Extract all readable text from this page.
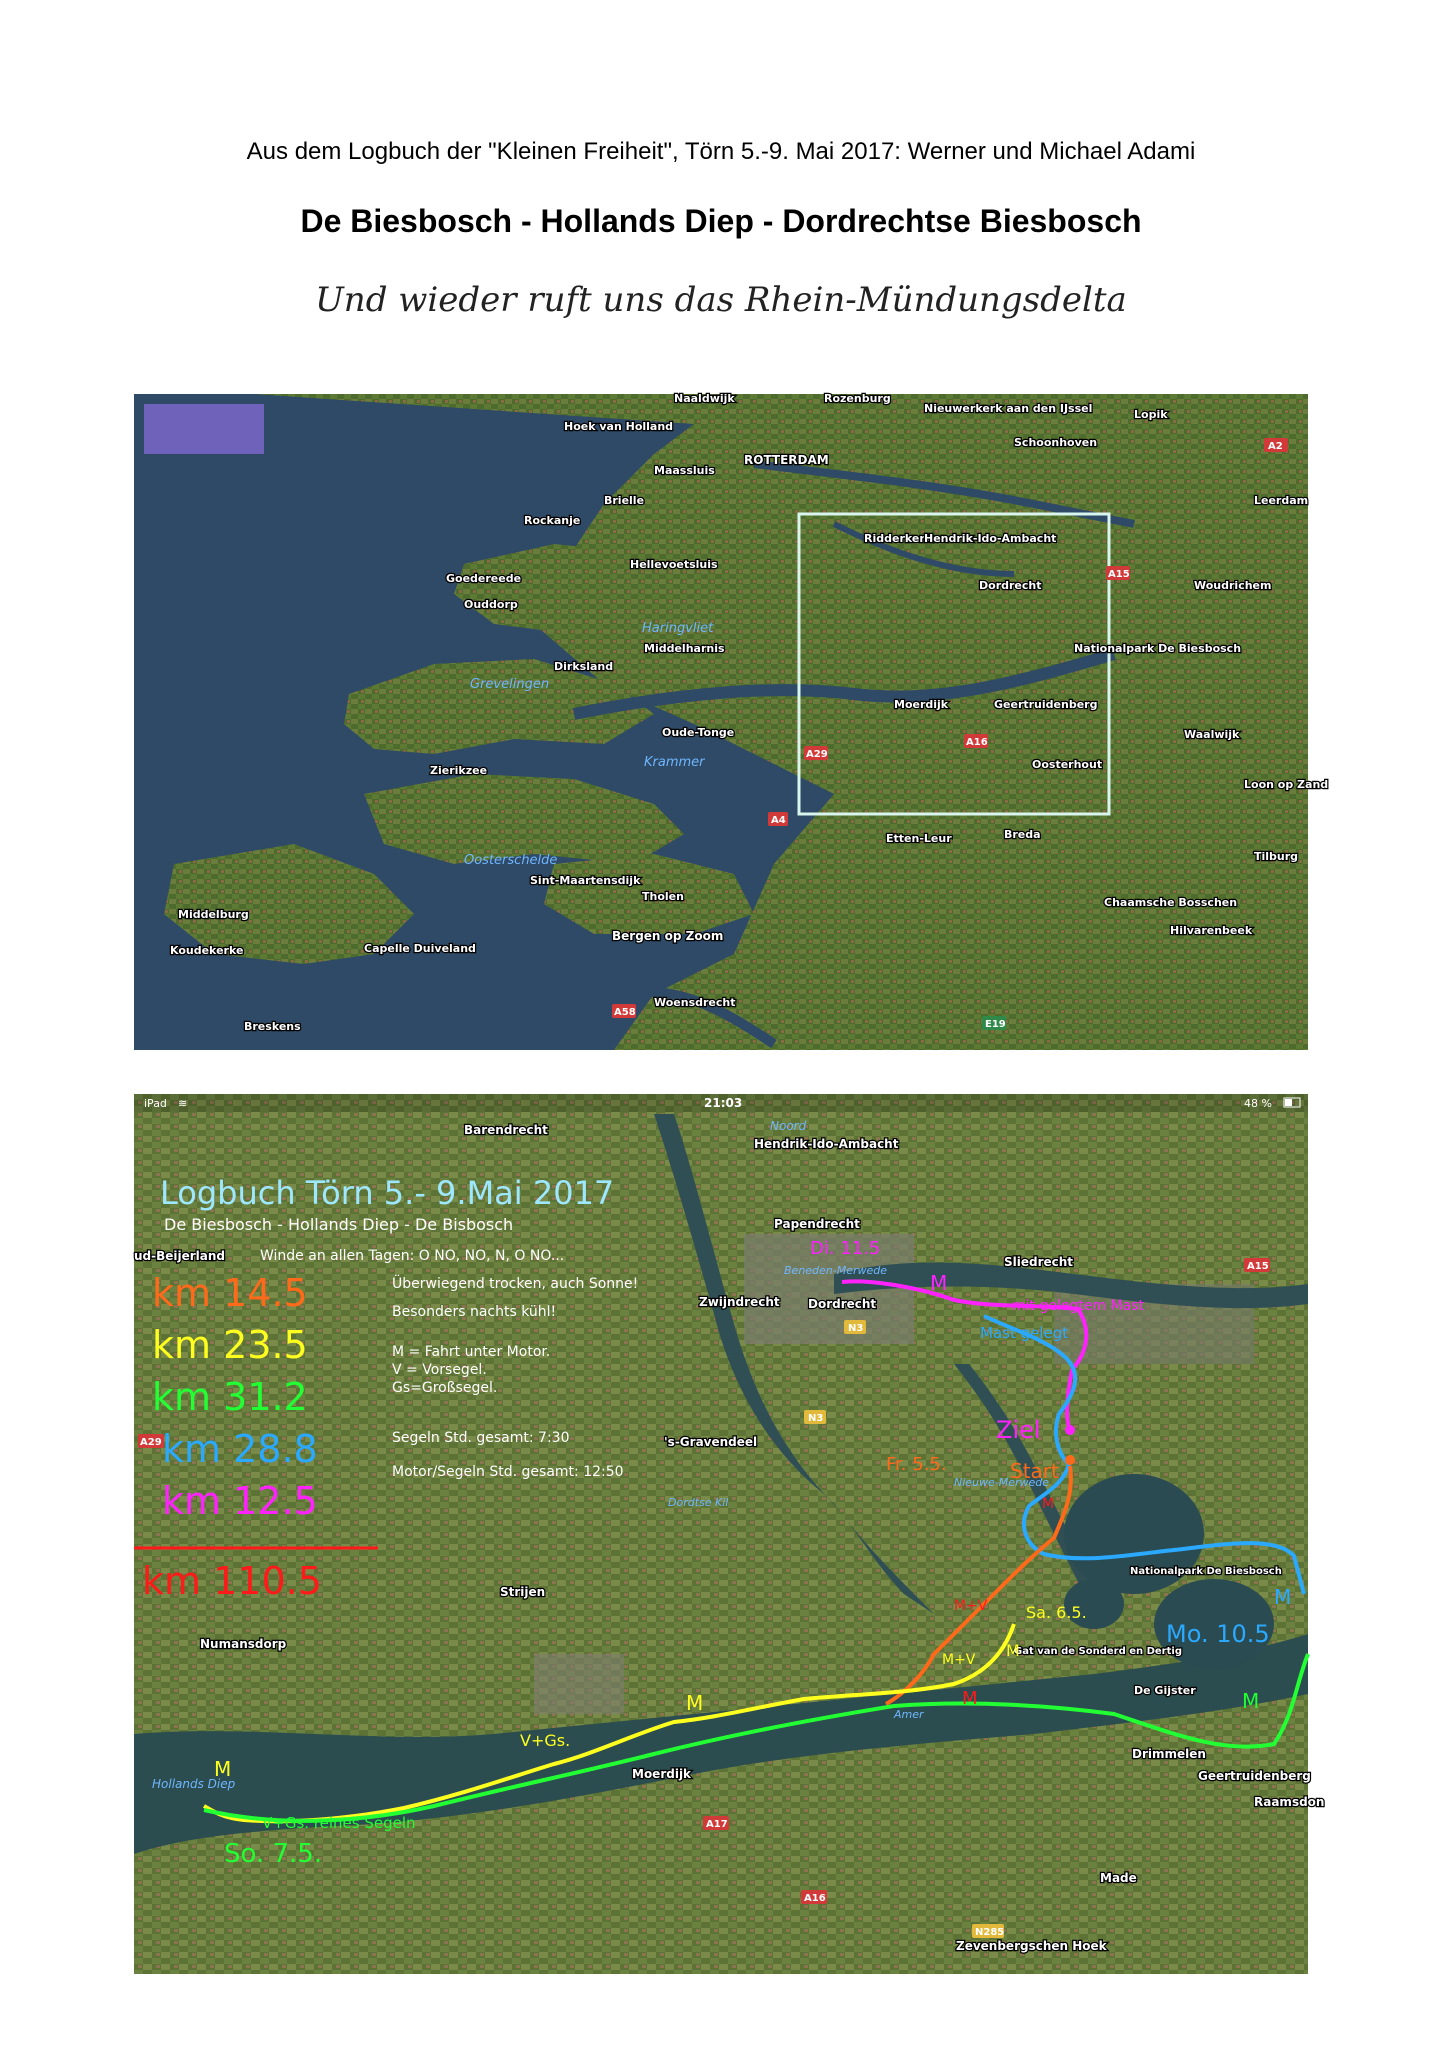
Aus dem Logbuch der "Kleinen Freiheit", Törn 5.-9. Mai 2017: Werner und Michael Adami
De Biesbosch - Hollands Diep - Dordrechtse Biesbosch
Und wieder ruft uns das Rhein-Mündungsdelta
Naaldwijk	Rozenburg
Hoek van Holland
Maassluis
ROTTERDAM
Nieuwerkerk aan den IJssel	Lopik
Schoonhoven
Rockanje
Brielle	Leerdam
Ridderkerk
Hendrik-Ido-Ambacht
Hellevoetsluis
Goedereede
Ouddorp
Dordrecht	Woudrichem
Middelharnis
Dirksland
Nationalpark De Biesbosch
Moerdijk	Geertruidenberg
Waalwijk
Oude-Tonge
Zierikzee	Oosterhout
Loon op Zand
Etten-Leur	Breda
Tilburg
Sint-Maartensdijk
Tholen
Middelburg
Chaamsche Bosschen
Koudekerke	Capelle Duiveland
Bergen op Zoom	Hilvarenbeek
Woensdrecht
Breskens
Haringvliet
Grevelingen
Krammer
Oosterschelde
A2
A15
A29
A16
A4
A58
E19
iPad ≋	21:03	48 %
Barendrecht	Noord
Hendrik-Ido-Ambacht
Papendrecht
ud-Beijerland	Sliedrecht
Zwijndrecht Dordrecht
Beneden-Merwede
's-Gravendeel
Nieuwe-Merwede
Dordtse Kil
Strijen
Nationalpark De Biesbosch
Numansdorp
Gat van de Sonderd en Dertig
De Gijster
Amer
Drimmelen
Geertruidenberg
Hollands Diep
Moerdijk
Raamsdon
Made
Zevenbergschen Hoek
A15
N3
A29
A17
A16
N285
N3
Logbuch Törn 5.- 9.Mai 2017
De Biesbosch - Hollands Diep - De Bisbosch
Winde an allen Tagen: O NO, NO, N, O NO...
Überwiegend trocken, auch Sonne!
Besonders nachts kühl!
M = Fahrt unter Motor.
V = Vorsegel.
Gs=Großsegel.
Segeln Std. gesamt: 7:30
Motor/Segeln Std. gesamt: 12:50
km 14.5
km 23.5
km 31.2
km 28.8
km 12.5
km 110.5
Di. 11.5
M
mit gelegtem Mast
Mast gelegt
Ziel
Fr. 5.5.	Start
M
M+V Sa. 6.5.
M
M+V
M
Mo. 10.5
M
M
M
V+Gs.
M
V+Gs. reines Segeln
So. 7.5.
